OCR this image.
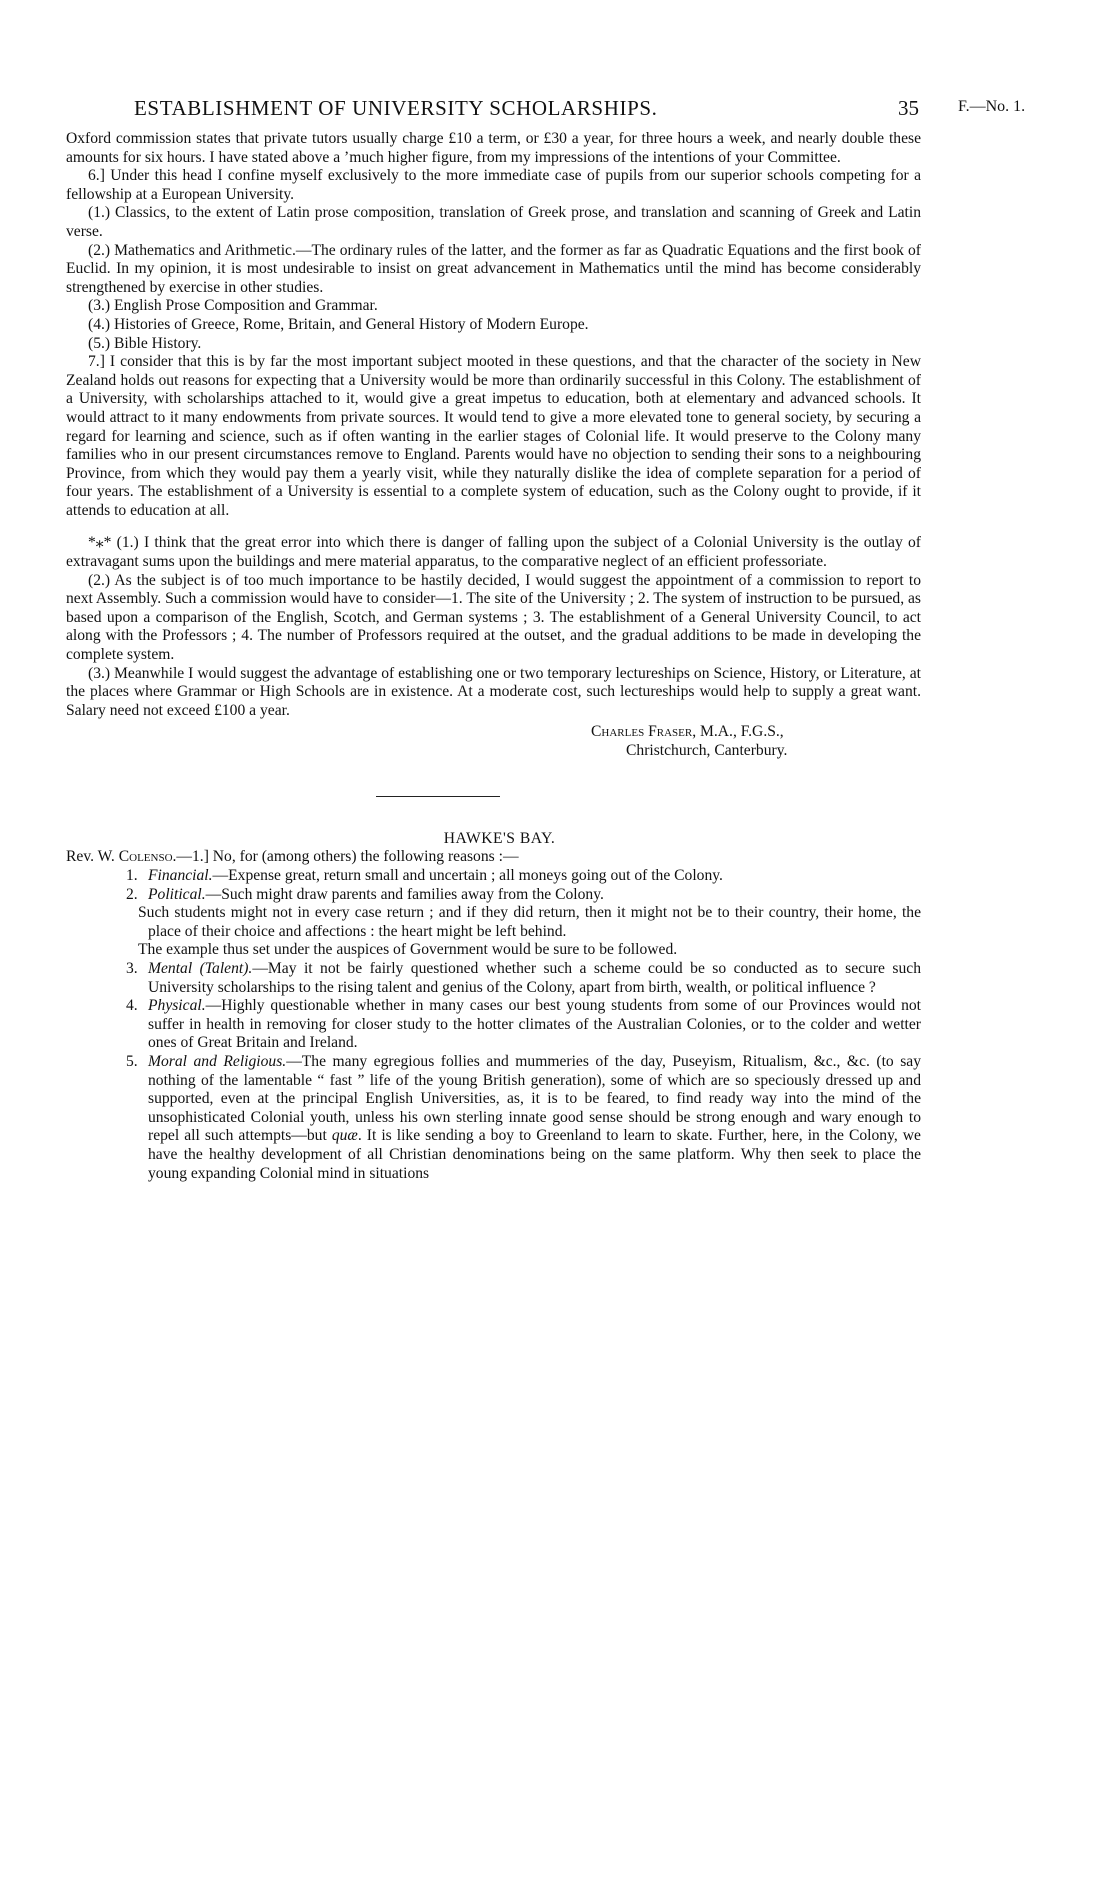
ESTABLISHMENT OF UNIVERSITY SCHOLARSHIPS.	35

Oxford commission states that private tutors usually charge £10 a term, or £30 a year, for three hours a week, and nearly double these amounts for six hours. I have stated above a ʼmuch higher figure, from my impressions of the intentions of your Committee.

6.] Under this head I confine myself exclusively to the more immediate case of pupils from our superior schools competing for a fellowship at a European University.

(1.) Classics, to the extent of Latin prose composition, translation of Greek prose, and translation and scanning of Greek and Latin verse.

(2.) Mathematics and Arithmetic.—The ordinary rules of the latter, and the former as far as Quadratic Equations and the first book of Euclid. In my opinion, it is most undesirable to insist on great advancement in Mathematics until the mind has become considerably strengthened by exercise in other studies.

(3.) English Prose Composition and Grammar.

(4.) Histories of Greece, Rome, Britain, and General History of Modern Europe.

(5.) Bible History.

7.] I consider that this is by far the most important subject mooted in these questions, and that the character of the society in New Zealand holds out reasons for expecting that a University would be more than ordinarily successful in this Colony. The establishment of a University, with scholarships attached to it, would give a great impetus to education, both at elementary and advanced schools. It would attract to it many endowments from private sources. It would tend to give a more elevated tone to general society, by securing a regard for learning and science, such as if often wanting in the earlier stages of Colonial life. It would preserve to the Colony many families who in our present circumstances remove to England. Parents would have no objection to sending their sons to a neighbouring Province, from which they would pay them a yearly visit, while they naturally dislike the idea of complete separation for a period of four years. The establishment of a University is essential to a complete system of education, such as the Colony ought to provide, if it attends to education at all.

*⁎* (1.) I think that the great error into which there is danger of falling upon the subject of a Colonial University is the outlay of extravagant sums upon the buildings and mere material apparatus, to the comparative neglect of an efficient professoriate.

(2.) As the subject is of too much importance to be hastily decided, I would suggest the appointment of a commission to report to next Assembly. Such a commission would have to consider—1. The site of the University ; 2. The system of instruction to be pursued, as based upon a comparison of the English, Scotch, and German systems ; 3. The establishment of a General University Council, to act along with the Professors ; 4. The number of Professors required at the outset, and the gradual additions to be made in developing the complete system.

(3.) Meanwhile I would suggest the advantage of establishing one or two temporary lectureships on Science, History, or Literature, at the places where Grammar or High Schools are in existence. At a moderate cost, such lectureships would help to supply a great want. Salary need not exceed £100 a year.

Charles Fraser, M.A., F.G.S.,
Christchurch, Canterbury.
HAWKE'S BAY.

Rev. W. Colenso.—1.] No, for (among others) the following reasons :—

1. Financial.—Expense great, return small and uncertain ; all moneys going out of the Colony.

2. Political.—Such might draw parents and families away from the Colony.

Such students might not in every case return ; and if they did return, then it might not be to their country, their home, the place of their choice and affections : the heart might be left behind.

The example thus set under the auspices of Government would be sure to be followed.

3. Mental (Talent).—May it not be fairly questioned whether such a scheme could be so conducted as to secure such University scholarships to the rising talent and genius of the Colony, apart from birth, wealth, or political influence ?

4. Physical.—Highly questionable whether in many cases our best young students from some of our Provinces would not suffer in health in removing for closer study to the hotter climates of the Australian Colonies, or to the colder and wetter ones of Great Britain and Ireland.

5. Moral and Religious.—The many egregious follies and mummeries of the day, Puseyism, Ritualism, &c., &c. (to say nothing of the lamentable “ fast ” life of the young British generation), some of which are so speciously dressed up and supported, even at the principal English Universities, as, it is to be feared, to find ready way into the mind of the unsophisticated Colonial youth, unless his own sterling innate good sense should be strong enough and wary enough to repel all such attempts—but quæ. It is like sending a boy to Greenland to learn to skate. Further, here, in the Colony, we have the healthy development of all Christian denominations being on the same platform. Why then seek to place the young expanding Colonial mind in situations

F.—No. 1.
